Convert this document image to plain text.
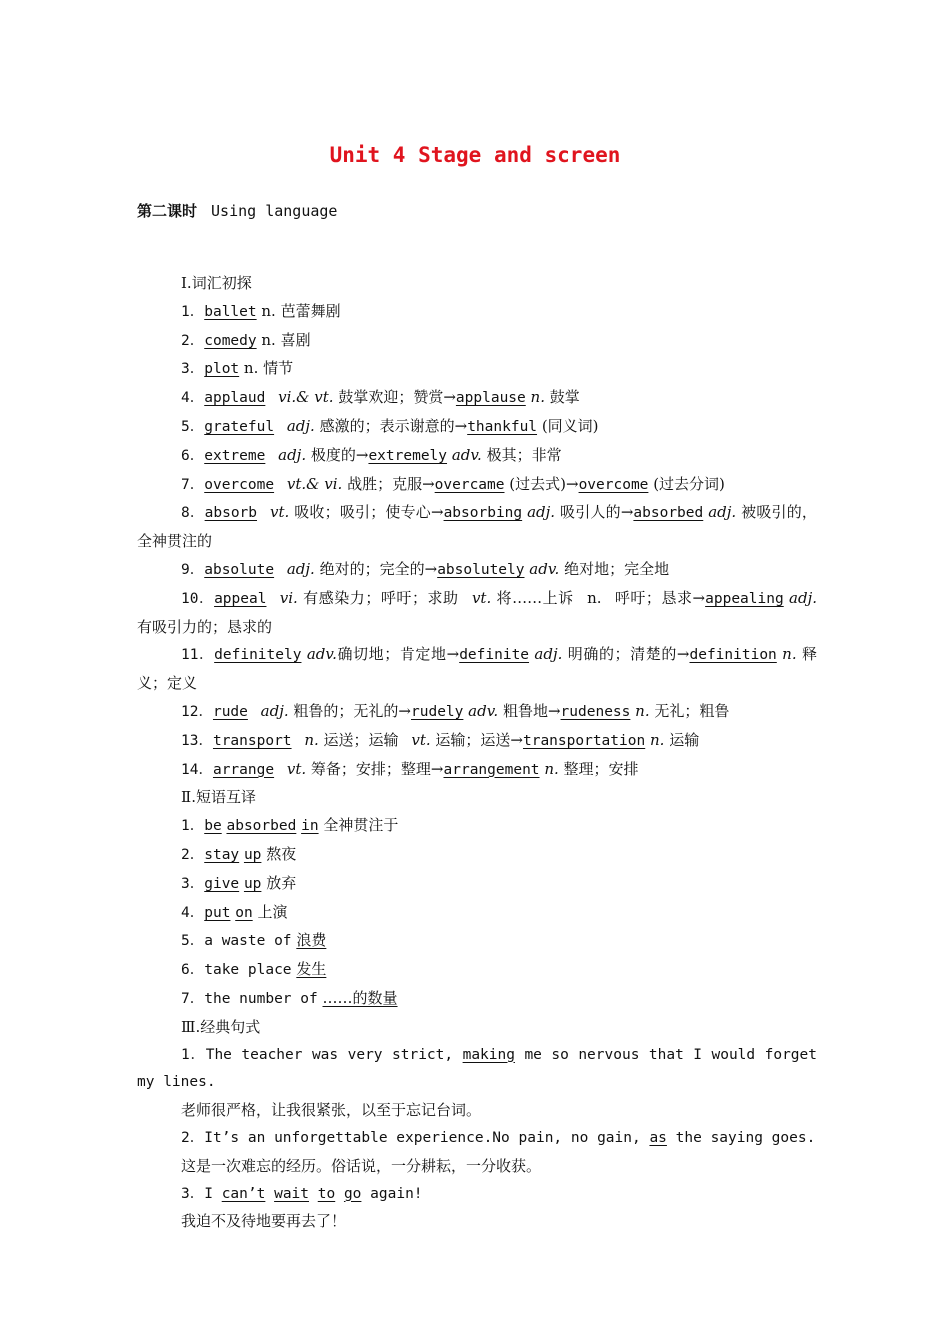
Unit 4 Stage and screen
第二课时 Using language
Ⅰ.词汇初探
1．ballet n. 芭蕾舞剧
2．comedy n. 喜剧
3．plot n. 情节
4．applaud vi.& vt. 鼓掌欢迎；赞赏→applause n. 鼓掌
5．grateful adj. 感激的；表示谢意的→thankful (同义词)
6．extreme adj. 极度的→extremely adv. 极其；非常
7．overcome vt.& vi. 战胜；克服→overcame (过去式)→overcome (过去分词)
8．absorb vt. 吸收；吸引；使专心→absorbing adj. 吸引人的→absorbed adj. 被吸引的，全神贯注的
9．absolute adj. 绝对的；完全的→absolutely adv. 绝对地；完全地
10．appeal vi. 有感染力；呼吁；求助 vt. 将……上诉 n. 呼吁；恳求→appealing adj. 有吸引力的；恳求的
11．definitely adv.确切地；肯定地→definite adj. 明确的；清楚的→definition n. 释义；定义
12．rude adj. 粗鲁的；无礼的→rudely adv. 粗鲁地→rudeness n. 无礼；粗鲁
13．transport n. 运送；运输 vt. 运输；运送→transportation n. 运输
14．arrange vt. 筹备；安排；整理→arrangement n. 整理；安排
Ⅱ.短语互译
1．be absorbed in 全神贯注于
2．stay up 熬夜
3．give up 放弃
4．put on 上演
5．a waste of 浪费
6．take place 发生
7．the number of ……的数量
Ⅲ.经典句式
1．The teacher was very strict, making me so nervous that I would forget my lines.
老师很严格，让我很紧张，以至于忘记台词。
2．It’s an unforgettable experience.No pain, no gain, as the saying goes.
这是一次难忘的经历。俗话说，一分耕耘，一分收获。
3．I can’t wait to go again!
我迫不及待地要再去了！
